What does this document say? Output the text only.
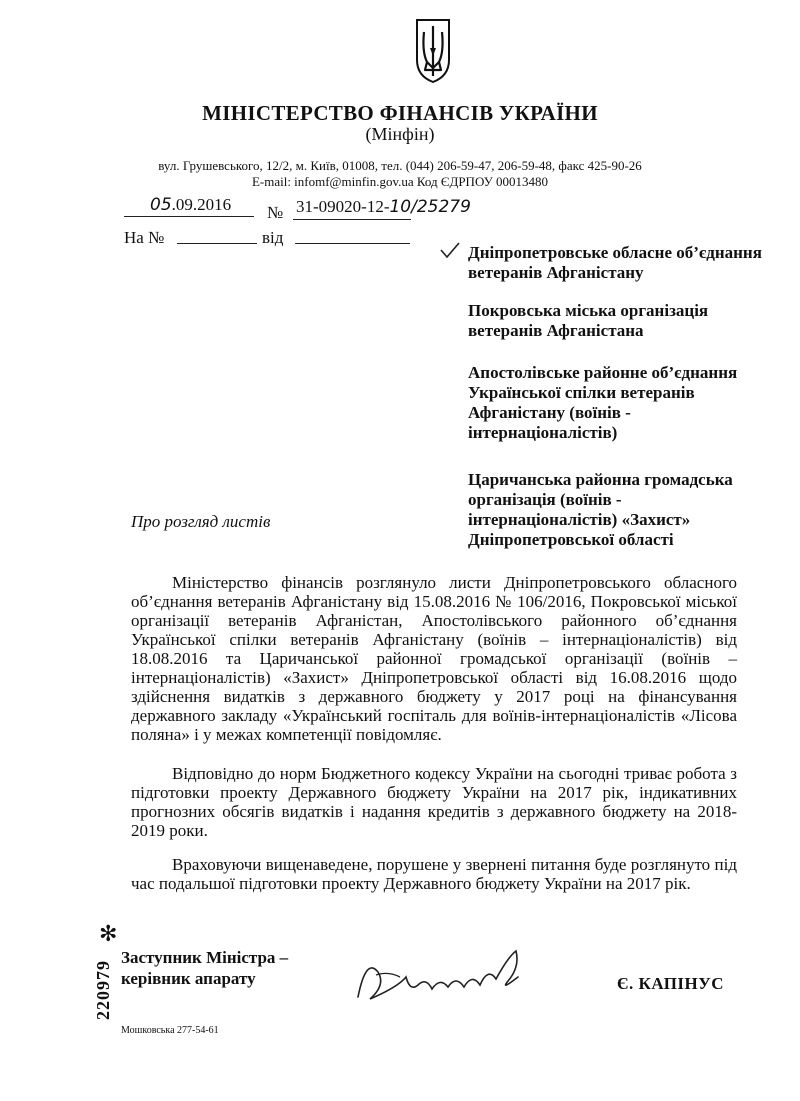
МІНІСТЕРСТВО ФІНАНСІВ УКРАЇНИ
(Мінфін)
вул. Грушевського, 12/2, м. Київ, 01008, тел. (044) 206-59-47, 206-59-48, факс 425-90-26
E-mail: infomf@minfin.gov.ua Код ЄДРПОУ 00013480
05.09.2016 № 31-09020-12-10/25279
На №	від
Дніпропетровське обласне об’єднання
ветеранів Афганістану
Покровська міська організація
ветеранів Афганістана
Апостолівське районне об’єднання
Української спілки ветеранів
Афганістану (воїнів -
інтернаціоналістів)
Царичанська районна громадська
організація (воїнів -
інтернаціоналістів) «Захист»
Дніпропетровської області
Про розгляд листів
Міністерство фінансів розглянуло листи Дніпропетровського обласного об’єднання ветеранів Афганістану від 15.08.2016 № 106/2016, Покровської міської організації ветеранів Афганістан, Апостолівського районного об’єднання Української спілки ветеранів Афганістану (воїнів – інтернаціоналістів) від 18.08.2016 та Царичанської районної громадської організації (воїнів – інтернаціоналістів) «Захист» Дніпропетровської області від 16.08.2016 щодо здійснення видатків з державного бюджету у 2017 році на фінансування державного закладу «Український госпіталь для воїнів-інтернаціоналістів «Лісова поляна» і у межах компетенції повідомляє.
Відповідно до норм Бюджетного кодексу України на сьогодні триває робота з підготовки проекту Державного бюджету України на 2017 рік, індикативних прогнозних обсягів видатків і надання кредитів з державного бюджету на 2018-2019 роки.
Враховуючи вищенаведене, порушене у звернені питання буде розглянуто під час подальшої підготовки проекту Державного бюджету України на 2017 рік.
✻
220979
Заступник Міністра –
керівник апарату	Є. КАПІНУС
Мошковська 277-54-61
